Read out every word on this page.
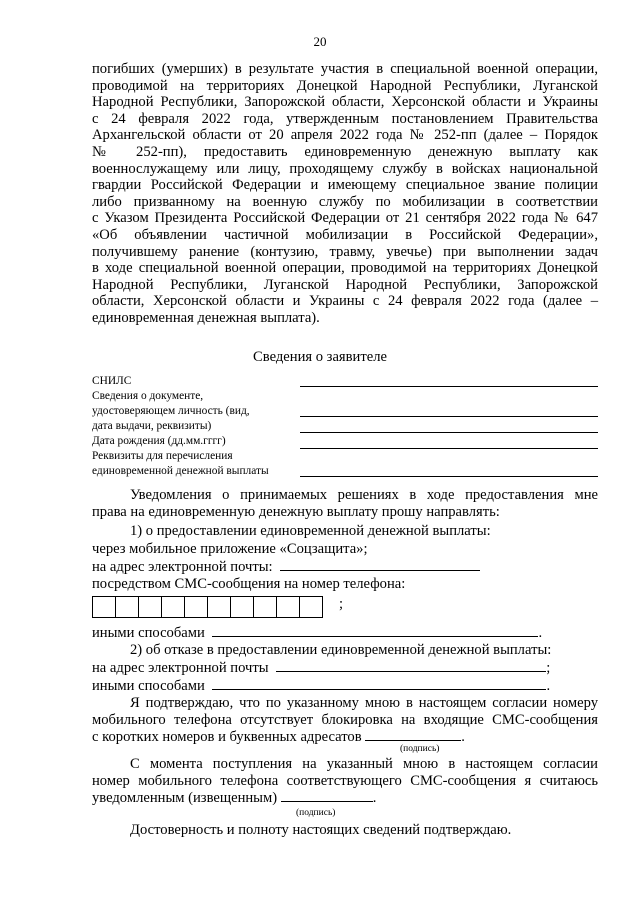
20
погибших (умерших) в результате участия в специальной военной операции,
проводимой на территориях Донецкой Народной Республики, Луганской
Народной Республики, Запорожской области, Херсонской области и Украины
с 24 февраля 2022 года, утвержденным постановлением Правительства
Архангельской области от 20 апреля 2022 года № 252-пп (далее – Порядок
№ 252-пп), предоставить единовременную денежную выплату как
военнослужащему или лицу, проходящему службу в войсках национальной
гвардии Российской Федерации и имеющему специальное звание полиции
либо призванному на военную службу по мобилизации в соответствии
с Указом Президента Российской Федерации от 21 сентября 2022 года № 647
«Об объявлении частичной мобилизации в Российской Федерации»,
получившему ранение (контузию, травму, увечье) при выполнении задач
в ходе специальной военной операции, проводимой на территориях Донецкой
Народной Республики, Луганской Народной Республики, Запорожской
области, Херсонской области и Украины с 24 февраля 2022 года (далее –
единовременная денежная выплата).
Сведения о заявителе
СНИЛС
Сведения о документе,
удостоверяющем личность (вид,
дата выдачи, реквизиты)
Дата рождения (дд.мм.гггг)
Реквизиты для перечисления
единовременной денежной выплаты
Уведомления о принимаемых решениях в ходе предоставления мне
права на единовременную денежную выплату прошу направлять:
1) о предоставлении единовременной денежной выплаты:
через мобильное приложение «Соцзащита»;
на адрес электронной почты:
посредством СМС-сообщения на номер телефона:
;
иными способами	.
2) об отказе в предоставлении единовременной денежной выплаты:
на адрес электронной почты	;
иными способами	.
Я подтверждаю, что по указанному мною в настоящем согласии номеру
мобильного телефона отсутствует блокировка на входящие СМС-сообщения
с коротких номеров и буквенных адресатов	.
(подпись)
С момента поступления на указанный мною в настоящем согласии
номер мобильного телефона соответствующего СМС-сообщения я считаюсь
уведомленным (извещенным)	.
(подпись)
Достоверность и полноту настоящих сведений подтверждаю.
